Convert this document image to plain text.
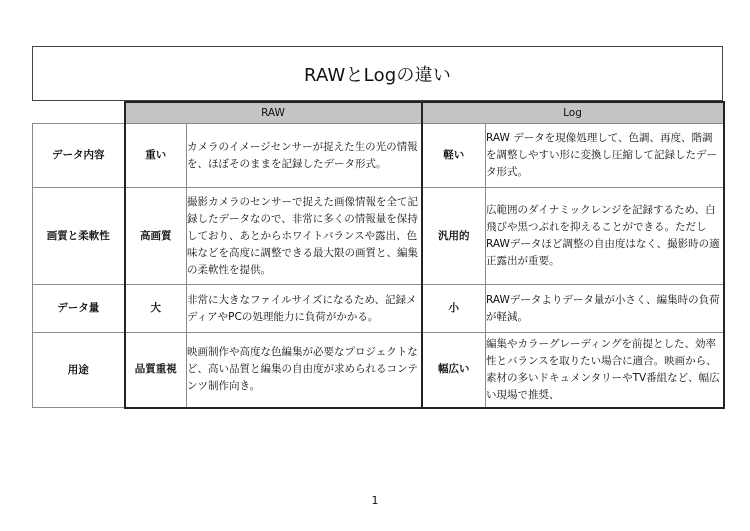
RAWとLogの違い
	RAW		Log	
データ内容	重い	カメラのイメージセンサーが捉えた生の光の情報を、ほぼそのままを記録したデータ形式。	軽い	RAW データを現像処理して、色調、再度、階調を調整しやすい形に変換し圧縮して記録したデータ形式。
画質と柔軟性	高画質	撮影カメラのセンサーで捉えた画像情報を全て記録したデータなので、非常に多くの情報量を保持しており、あとからホワイトバランスや露出、色味などを高度に調整できる最大限の画質と、編集の柔軟性を提供。	汎用的	広範囲のダイナミックレンジを記録するため、白飛びや黒つぶれを抑えることができる。ただしRAWデータほど調整の自由度はなく、撮影時の適正露出が重要。
データ量	大	非常に大きなファイルサイズになるため、記録メディアやPCの処理能力に負荷がかかる。	小	RAWデータよりデータ量が小さく、編集時の負荷が軽減。
用途	品質重視	映画制作や高度な色編集が必要なプロジェクトなど、高い品質と編集の自由度が求められるコンテンツ制作向き。	幅広い	編集やカラーグレーディングを前提とした、効率性とバランスを取りたい場合に適合。映画から、素材の多いドキュメンタリーやTV番組など、幅広い現場で推奨、
1
